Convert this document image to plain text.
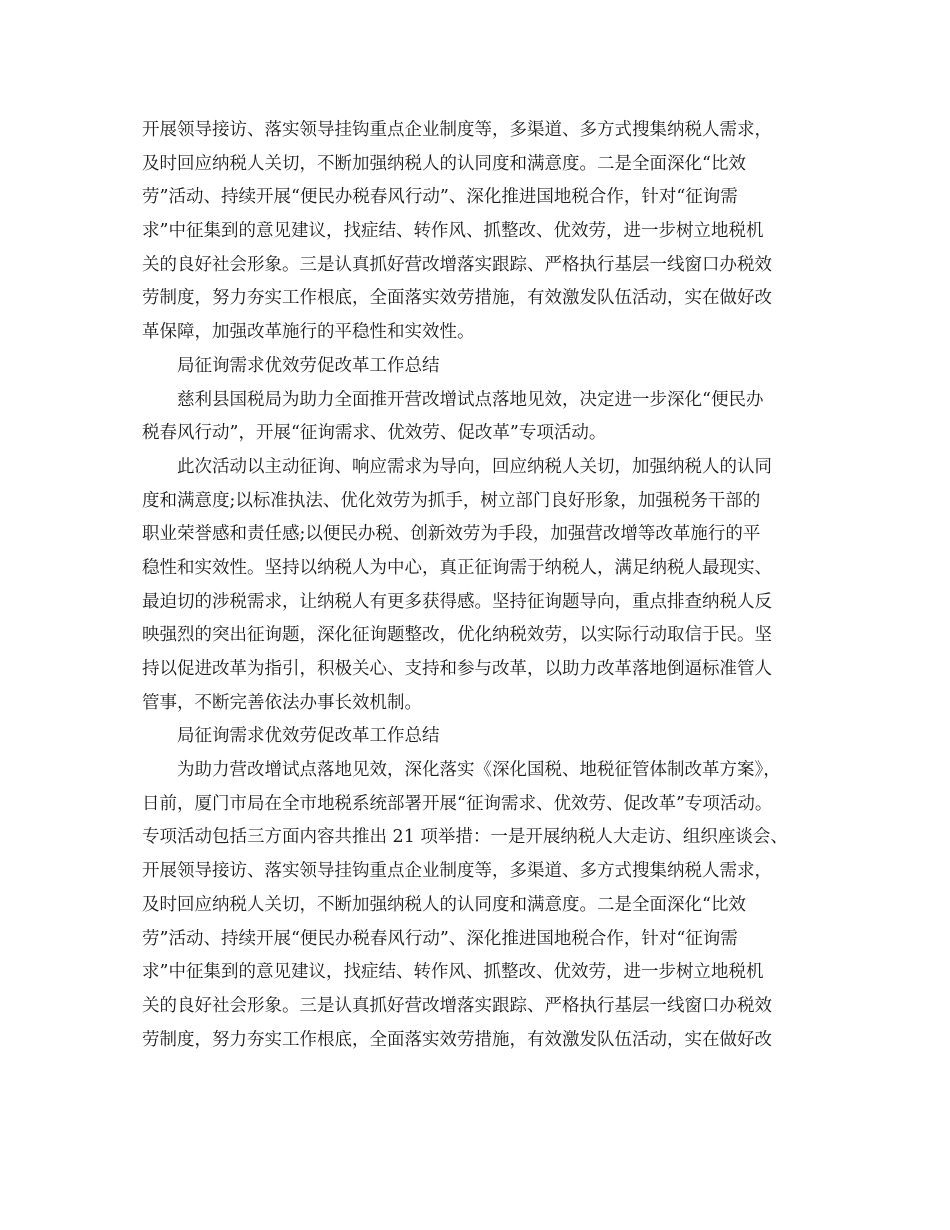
开展领导接访、落实领导挂钩重点企业制度等，多渠道、多方式搜集纳税人需求，
及时回应纳税人关切，不断加强纳税人的认同度和满意度。二是全面深化“比效
劳”活动、持续开展“便民办税春风行动”、深化推进国地税合作，针对“征询需
求”中征集到的意见建议，找症结、转作风、抓整改、优效劳，进一步树立地税机
关的良好社会形象。三是认真抓好营改增落实跟踪、严格执行基层一线窗口办税效
劳制度，努力夯实工作根底，全面落实效劳措施，有效激发队伍活动，实在做好改
革保障，加强改革施行的平稳性和实效性。
局征询需求优效劳促改革工作总结
慈利县国税局为助力全面推开营改增试点落地见效，决定进一步深化“便民办
税春风行动”，开展“征询需求、优效劳、促改革”专项活动。
此次活动以主动征询、响应需求为导向，回应纳税人关切，加强纳税人的认同
度和满意度;以标准执法、优化效劳为抓手，树立部门良好形象，加强税务干部的
职业荣誉感和责任感;以便民办税、创新效劳为手段，加强营改增等改革施行的平
稳性和实效性。坚持以纳税人为中心，真正征询需于纳税人，满足纳税人最现实、
最迫切的涉税需求，让纳税人有更多获得感。坚持征询题导向，重点排查纳税人反
映强烈的突出征询题，深化征询题整改，优化纳税效劳，以实际行动取信于民。坚
持以促进改革为指引，积极关心、支持和参与改革，以助力改革落地倒逼标准管人
管事，不断完善依法办事长效机制。
局征询需求优效劳促改革工作总结
为助力营改增试点落地见效，深化落实《深化国税、地税征管体制改革方案》，
日前，厦门市局在全市地税系统部署开展“征询需求、优效劳、促改革”专项活动。
专项活动包括三方面内容共推出 21 项举措：一是开展纳税人大走访、组织座谈会、
开展领导接访、落实领导挂钩重点企业制度等，多渠道、多方式搜集纳税人需求，
及时回应纳税人关切，不断加强纳税人的认同度和满意度。二是全面深化“比效
劳”活动、持续开展“便民办税春风行动”、深化推进国地税合作，针对“征询需
求”中征集到的意见建议，找症结、转作风、抓整改、优效劳，进一步树立地税机
关的良好社会形象。三是认真抓好营改增落实跟踪、严格执行基层一线窗口办税效
劳制度，努力夯实工作根底，全面落实效劳措施，有效激发队伍活动，实在做好改
